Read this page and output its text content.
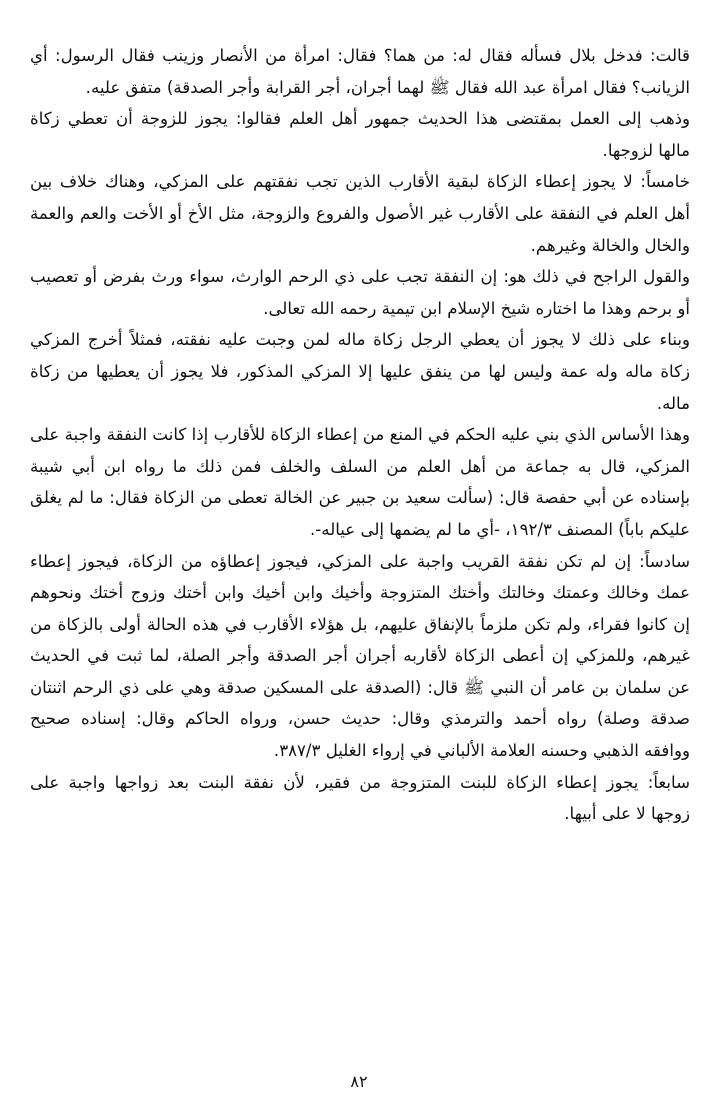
قالت: فدخل بلال فسأله فقال له: من هما؟ فقال: امرأة من الأنصار وزينب فقال الرسول: أي
الزيانب؟ فقال امرأة عبد الله فقال ﷺ لهما أجران، أجر القرابة وأجر الصدقة) متفق عليه.
وذهب إلى العمل بمقتضى هذا الحديث جمهور أهل العلم فقالوا: يجوز للزوجة أن تعطي زكاة
مالها لزوجها.
خامساً: لا يجوز إعطاء الزكاة لبقية الأقارب الذين تجب نفقتهم على المزكي، وهناك خلاف بين
أهل العلم في النفقة على الأقارب غير الأصول والفروع والزوجة، مثل الأخ أو الأخت والعم والعمة
والخال والخالة وغيرهم.
والقول الراجح في ذلك هو: إن النفقة تجب على ذي الرحم الوارث، سواء ورث بفرض أو تعصيب
أو برحم وهذا ما اختاره شيخ الإسلام ابن تيمية رحمه الله تعالى.
وبناء على ذلك لا يجوز أن يعطي الرجل زكاة ماله لمن وجبت عليه نفقته، فمثلاً أخرج المزكي
زكاة ماله وله عمة وليس لها من ينفق عليها إلا المزكي المذكور، فلا يجوز أن يعطيها من زكاة
ماله.
وهذا الأساس الذي بني عليه الحكم في المنع من إعطاء الزكاة للأقارب إذا كانت النفقة واجبة على
المزكي، قال به جماعة من أهل العلم من السلف والخلف فمن ذلك ما رواه ابن أبي شيبة
بإسناده عن أبي حفصة قال: (سألت سعيد بن جبير عن الخالة تعطى من الزكاة فقال: ما لم يغلق
عليكم باباً) المصنف ١٩٢/٣، -أي ما لم يضمها إلى عياله-.
سادساً: إن لم تكن نفقة القريب واجبة على المزكي، فيجوز إعطاؤه من الزكاة، فيجوز إعطاء
عمك وخالك وعمتك وخالتك وأختك المتزوجة وأخيك وابن أخيك وابن أختك وزوج أختك ونحوهم
إن كانوا فقراء، ولم تكن ملزماً بالإنفاق عليهم، بل هؤلاء الأقارب في هذه الحالة أولى بالزكاة من
غيرهم، وللمزكي إن أعطى الزكاة لأقاربه أجران أجر الصدقة وأجر الصلة، لما ثبت في الحديث
عن سلمان بن عامر أن النبي ﷺ قال: (الصدقة على المسكين صدقة وهي على ذي الرحم اثنتان
صدقة وصلة) رواه أحمد والترمذي وقال: حديث حسن، ورواه الحاكم وقال: إسناده صحيح
ووافقه الذهبي وحسنه العلامة الألباني في إرواء الغليل ٣٨٧/٣.
سابعاً: يجوز إعطاء الزكاة للبنت المتزوجة من فقير، لأن نفقة البنت بعد زواجها واجبة على
زوجها لا على أبيها.
٨٢
